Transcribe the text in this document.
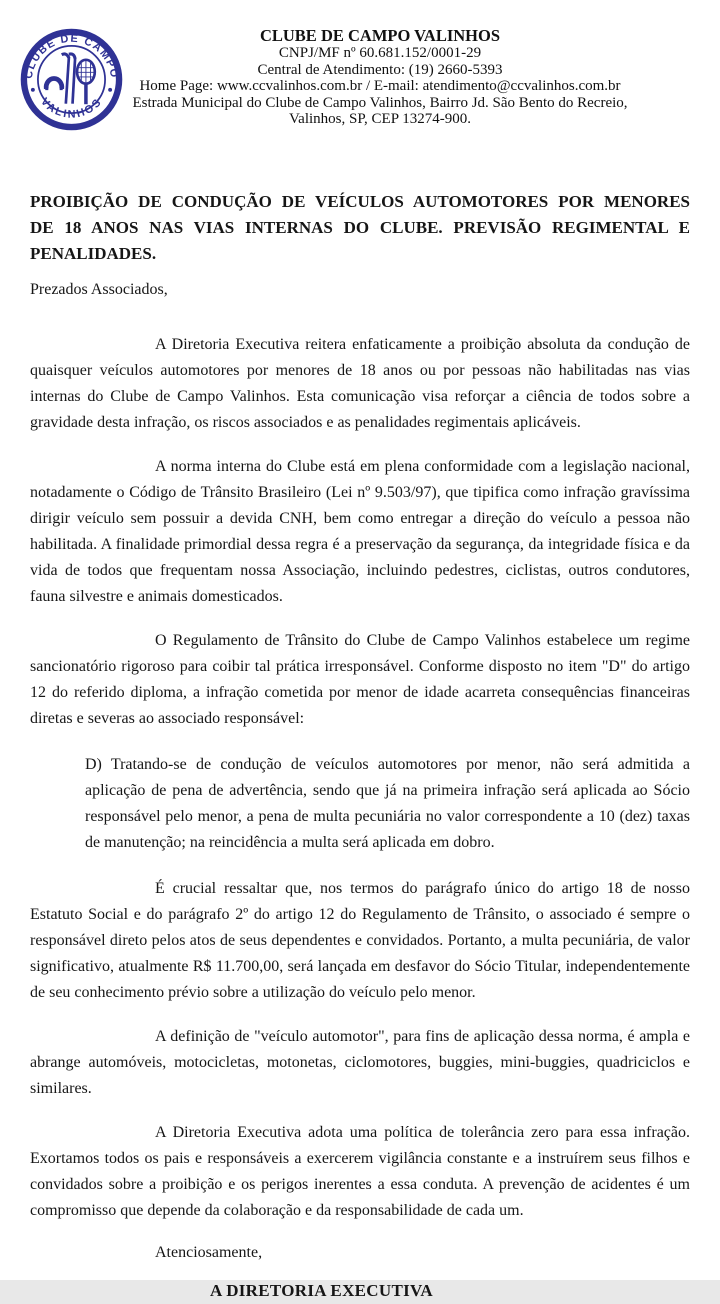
CLUBE DE CAMPO
VALINHOS
CLUBE DE CAMPO VALINHOS
CNPJ/MF nº 60.681.152/0001-29
Central de Atendimento: (19) 2660-5393
Home Page: www.ccvalinhos.com.br / E-mail: atendimento@ccvalinhos.com.br
Estrada Municipal do Clube de Campo Valinhos, Bairro Jd. São Bento do Recreio,
Valinhos, SP, CEP 13274-900.
PROIBIÇÃO DE CONDUÇÃO DE VEÍCULOS AUTOMOTORES POR MENORES DE 18 ANOS NAS VIAS INTERNAS DO CLUBE. PREVISÃO REGIMENTAL E PENALIDADES.
Prezados Associados,

A Diretoria Executiva reitera enfaticamente a proibição absoluta da condução de quaisquer veículos automotores por menores de 18 anos ou por pessoas não habilitadas nas vias internas do Clube de Campo Valinhos. Esta comunicação visa reforçar a ciência de todos sobre a gravidade desta infração, os riscos associados e as penalidades regimentais aplicáveis.

A norma interna do Clube está em plena conformidade com a legislação nacional, notadamente o Código de Trânsito Brasileiro (Lei nº 9.503/97), que tipifica como infração gravíssima dirigir veículo sem possuir a devida CNH, bem como entregar a direção do veículo a pessoa não habilitada. A finalidade primordial dessa regra é a preservação da segurança, da integridade física e da vida de todos que frequentam nossa Associação, incluindo pedestres, ciclistas, outros condutores, fauna silvestre e animais domesticados.

O Regulamento de Trânsito do Clube de Campo Valinhos estabelece um regime sancionatório rigoroso para coibir tal prática irresponsável. Conforme disposto no item "D" do artigo 12 do referido diploma, a infração cometida por menor de idade acarreta consequências financeiras diretas e severas ao associado responsável:

D) Tratando-se de condução de veículos automotores por menor, não será admitida a aplicação de pena de advertência, sendo que já na primeira infração será aplicada ao Sócio responsável pelo menor, a pena de multa pecuniária no valor correspondente a 10 (dez) taxas de manutenção; na reincidência a multa será aplicada em dobro.

É crucial ressaltar que, nos termos do parágrafo único do artigo 18 de nosso Estatuto Social e do parágrafo 2º do artigo 12 do Regulamento de Trânsito, o associado é sempre o responsável direto pelos atos de seus dependentes e convidados. Portanto, a multa pecuniária, de valor significativo, atualmente R$ 11.700,00, será lançada em desfavor do Sócio Titular, independentemente de seu conhecimento prévio sobre a utilização do veículo pelo menor.

A definição de "veículo automotor", para fins de aplicação dessa norma, é ampla e abrange automóveis, motocicletas, motonetas, ciclomotores, buggies, mini-buggies, quadriciclos e similares.

A Diretoria Executiva adota uma política de tolerância zero para essa infração. Exortamos todos os pais e responsáveis a exercerem vigilância constante e a instruírem seus filhos e convidados sobre a proibição e os perigos inerentes a essa conduta. A prevenção de acidentes é um compromisso que depende da colaboração e da responsabilidade de cada um.

Atenciosamente,
A DIRETORIA EXECUTIVA
